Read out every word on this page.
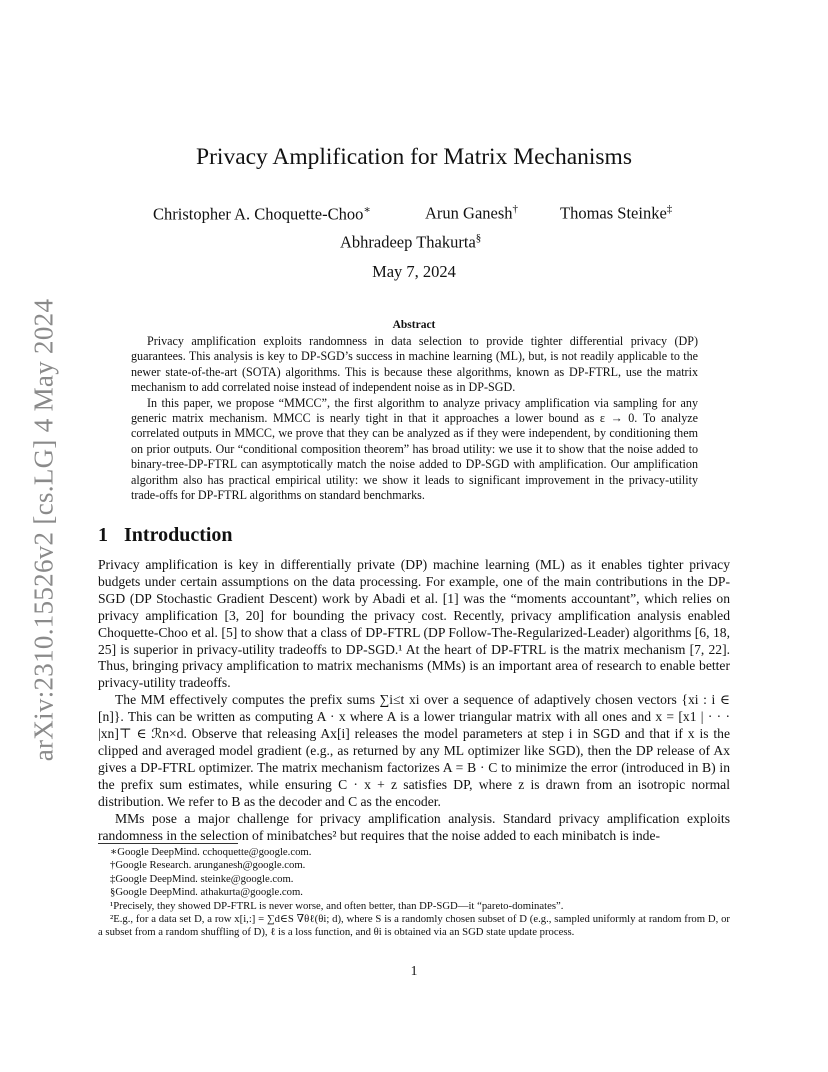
arXiv:2310.15526v2 [cs.LG] 4 May 2024
Privacy Amplification for Matrix Mechanisms
Christopher A. Choquette-Choo∗	Arun Ganesh†	Thomas Steinke‡
Abhradeep Thakurta§
May 7, 2024
Abstract

Privacy amplification exploits randomness in data selection to provide tighter differential privacy (DP) guarantees. This analysis is key to DP-SGD’s success in machine learning (ML), but, is not readily applicable to the newer state-of-the-art (SOTA) algorithms. This is because these algorithms, known as DP-FTRL, use the matrix mechanism to add correlated noise instead of independent noise as in DP-SGD.

In this paper, we propose “MMCC”, the first algorithm to analyze privacy amplification via sampling for any generic matrix mechanism. MMCC is nearly tight in that it approaches a lower bound as ε → 0. To analyze correlated outputs in MMCC, we prove that they can be analyzed as if they were independent, by conditioning them on prior outputs. Our “conditional composition theorem” has broad utility: we use it to show that the noise added to binary-tree-DP-FTRL can asymptotically match the noise added to DP-SGD with amplification. Our amplification algorithm also has practical empirical utility: we show it leads to significant improvement in the privacy-utility trade-offs for DP-FTRL algorithms on standard benchmarks.

1 Introduction

Privacy amplification is key in differentially private (DP) machine learning (ML) as it enables tighter privacy budgets under certain assumptions on the data processing. For example, one of the main contributions in the DP-SGD (DP Stochastic Gradient Descent) work by Abadi et al. [1] was the “moments accountant”, which relies on privacy amplification [3, 20] for bounding the privacy cost. Recently, privacy amplification analysis enabled Choquette-Choo et al. [5] to show that a class of DP-FTRL (DP Follow-The-Regularized-Leader) algorithms [6, 18, 25] is superior in privacy-utility tradeoffs to DP-SGD.¹ At the heart of DP-FTRL is the matrix mechanism [7, 22]. Thus, bringing privacy amplification to matrix mechanisms (MMs) is an important area of research to enable better privacy-utility tradeoffs.

The MM effectively computes the prefix sums ∑i≤t xi over a sequence of adaptively chosen vectors {xi : i ∈ [n]}. This can be written as computing A · x where A is a lower triangular matrix with all ones and x = [x1 | · · · |xn]⊤ ∈ ℛn×d. Observe that releasing Ax[i] releases the model parameters at step i in SGD and that if x is the clipped and averaged model gradient (e.g., as returned by any ML optimizer like SGD), then the DP release of Ax gives a DP-FTRL optimizer. The matrix mechanism factorizes A = B · C to minimize the error (introduced in B) in the prefix sum estimates, while ensuring C · x + z satisfies DP, where z is drawn from an isotropic normal distribution. We refer to B as the decoder and C as the encoder.

MMs pose a major challenge for privacy amplification analysis. Standard privacy amplification exploits randomness in the selection of minibatches² but requires that the noise added to each minibatch is inde-

∗Google DeepMind. cchoquette@google.com.

†Google Research. arunganesh@google.com.

‡Google DeepMind. steinke@google.com.

§Google DeepMind. athakurta@google.com.

¹Precisely, they showed DP-FTRL is never worse, and often better, than DP-SGD—it “pareto-dominates”.

²E.g., for a data set D, a row x[i,:] = ∑d∈S ∇θℓ(θi; d), where S is a randomly chosen subset of D (e.g., sampled uniformly at random from D, or a subset from a random shuffling of D), ℓ is a loss function, and θi is obtained via an SGD state update process.

1
